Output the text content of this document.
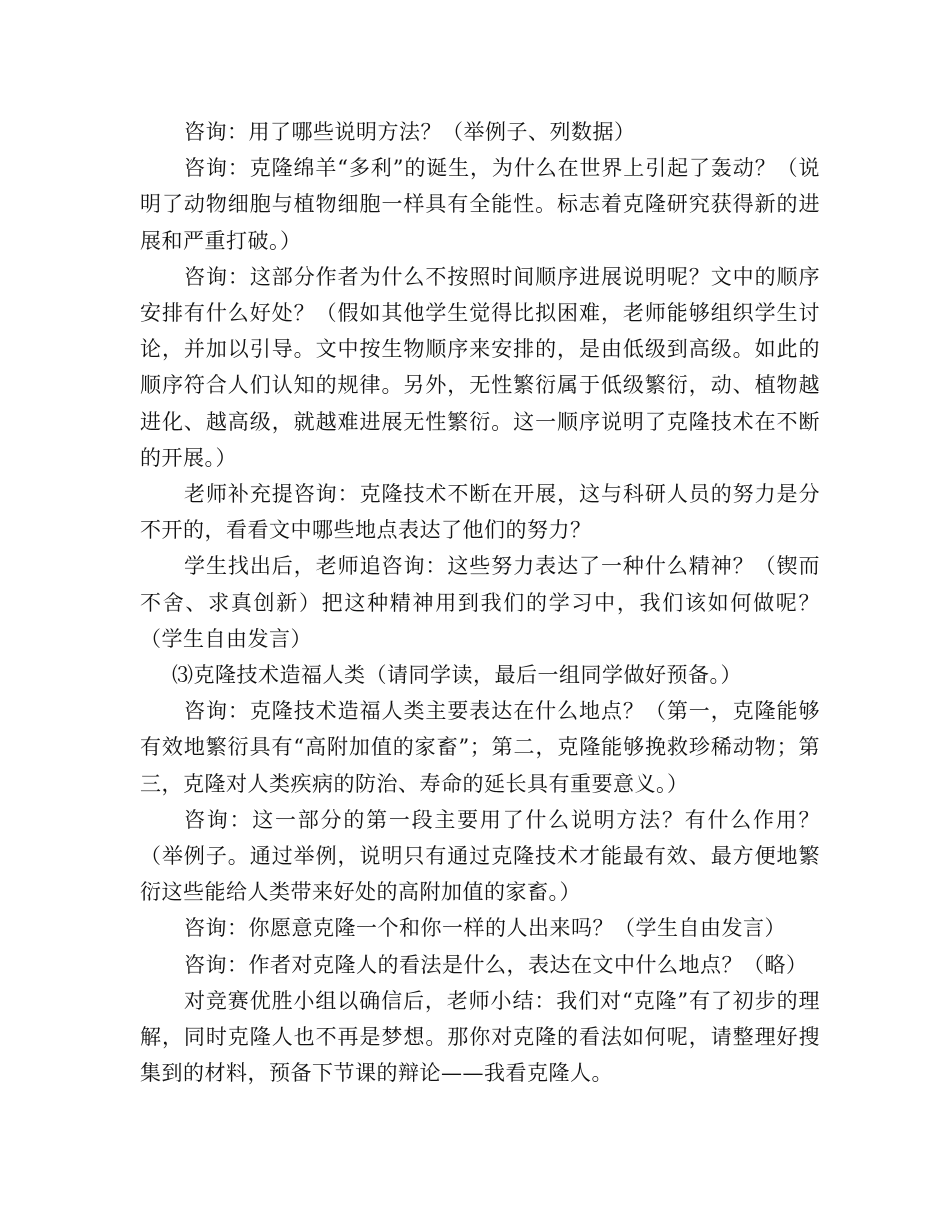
咨询：用了哪些说明方法？（举例子、列数据）

咨询：克隆绵羊“多利”的诞生，为什么在世界上引起了轰动？（说明了动物细胞与植物细胞一样具有全能性。标志着克隆研究获得新的进展和严重打破。）

咨询：这部分作者为什么不按照时间顺序进展说明呢？文中的顺序安排有什么好处？（假如其他学生觉得比拟困难，老师能够组织学生讨论，并加以引导。文中按生物顺序来安排的，是由低级到高级。如此的顺序符合人们认知的规律。另外，无性繁衍属于低级繁衍，动、植物越进化、越高级，就越难进展无性繁衍。这一顺序说明了克隆技术在不断的开展。）

老师补充提咨询：克隆技术不断在开展，这与科研人员的努力是分不开的，看看文中哪些地点表达了他们的努力？

学生找出后，老师追咨询：这些努力表达了一种什么精神？（锲而不舍、求真创新）把这种精神用到我们的学习中，我们该如何做呢？（学生自由发言）

⑶克隆技术造福人类（请同学读，最后一组同学做好预备。）

咨询：克隆技术造福人类主要表达在什么地点？（第一，克隆能够有效地繁衍具有“高附加值的家畜”；第二，克隆能够挽救珍稀动物；第三，克隆对人类疾病的防治、寿命的延长具有重要意义。）

咨询：这一部分的第一段主要用了什么说明方法？有什么作用？（举例子。通过举例，说明只有通过克隆技术才能最有效、最方便地繁衍这些能给人类带来好处的高附加值的家畜。）

咨询：你愿意克隆一个和你一样的人出来吗？（学生自由发言）

咨询：作者对克隆人的看法是什么，表达在文中什么地点？（略）

对竞赛优胜小组以确信后，老师小结：我们对“克隆”有了初步的理解，同时克隆人也不再是梦想。那你对克隆的看法如何呢，请整理好搜集到的材料，预备下节课的辩论——我看克隆人。
